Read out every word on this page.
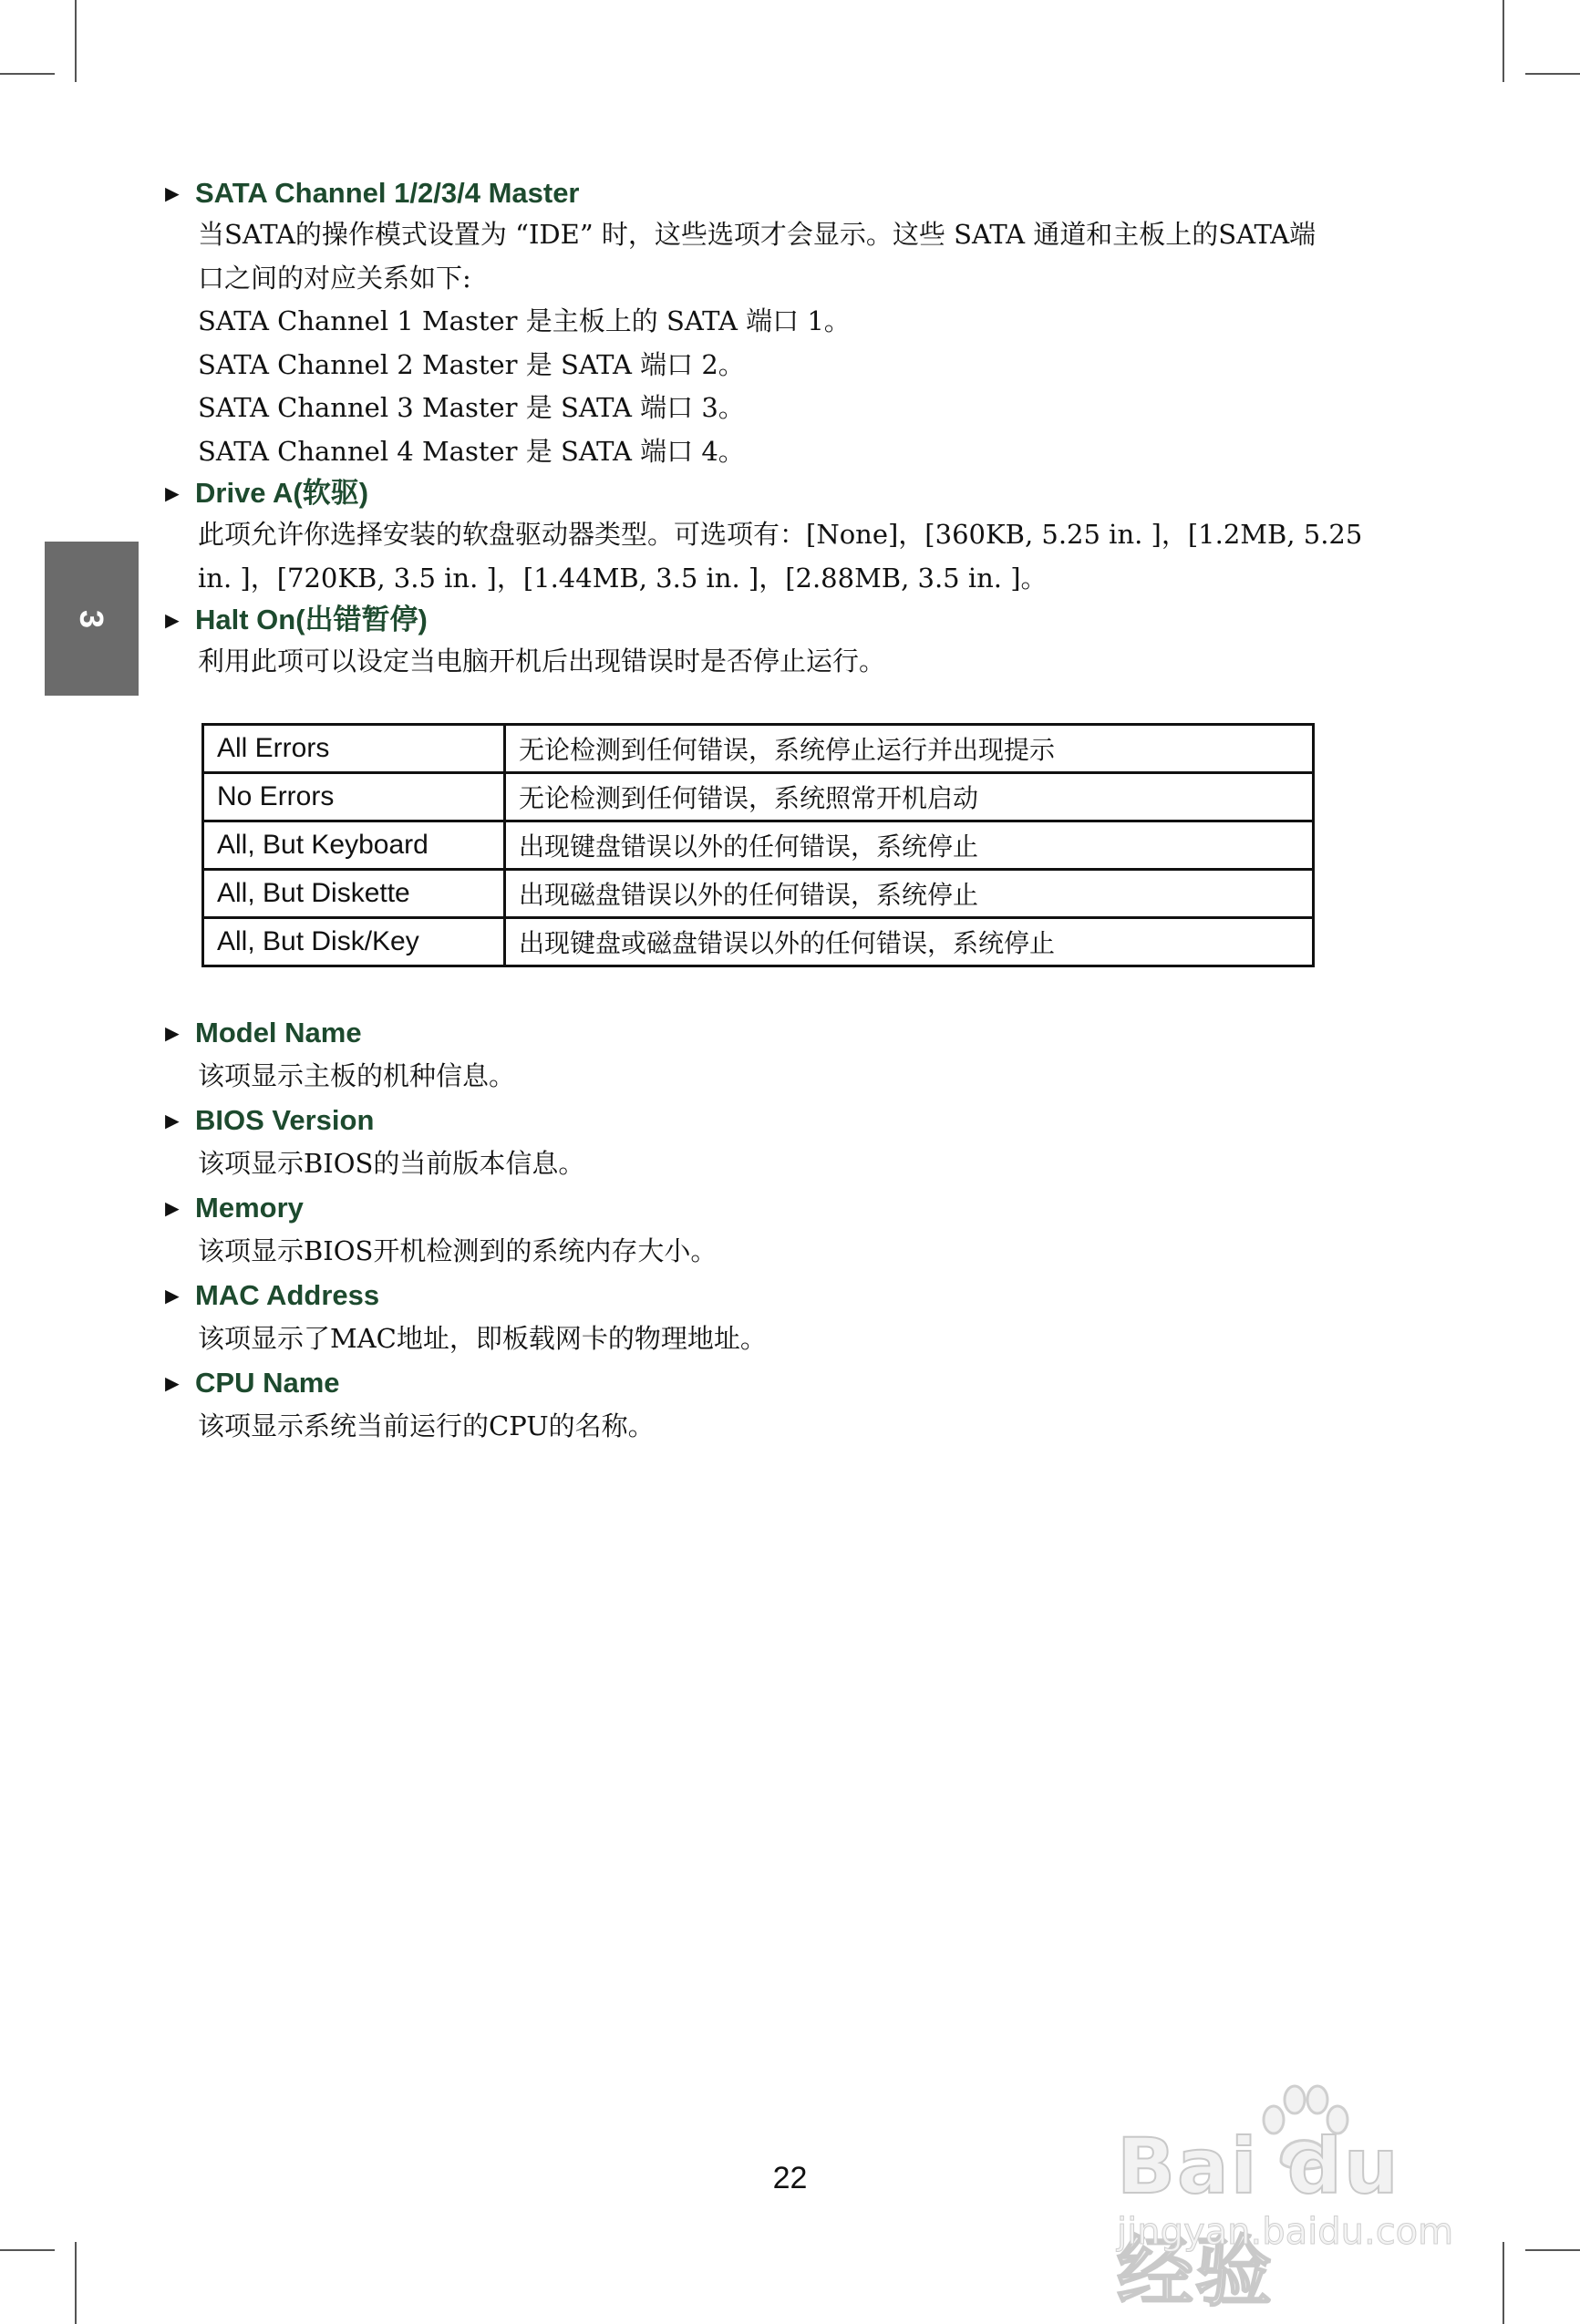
3
► SATA Channel 1/2/3/4 Master
当SATA的操作模式设置为 “IDE” 时，这些选项才会显示。这些 SATA 通道和主板上的SATA端
口之间的对应关系如下:
SATA Channel 1 Master 是主板上的 SATA 端口 1。
SATA Channel 2 Master 是 SATA 端口 2。
SATA Channel 3 Master 是 SATA 端口 3。
SATA Channel 4 Master 是 SATA 端口 4。
► Drive A(软驱)
此项允许你选择安装的软盘驱动器类型。可选项有：[None]，[360KB, 5.25 in. ]，[1.2MB, 5.25
in. ]，[720KB, 3.5 in. ]，[1.44MB, 3.5 in. ]，[2.88MB, 3.5 in. ]。
► Halt On(出错暂停)
利用此项可以设定当电脑开机后出现错误时是否停止运行。
All Errors	无论检测到任何错误，系统停止运行并出现提示
No Errors	无论检测到任何错误，系统照常开机启动
All, But Keyboard	出现键盘错误以外的任何错误，系统停止
All, But Diskette	出现磁盘错误以外的任何错误，系统停止
All, But Disk/Key	出现键盘或磁盘错误以外的任何错误，系统停止
► Model Name
该项显示主板的机种信息。
► BIOS Version
该项显示BIOS的当前版本信息。
► Memory
该项显示BIOS开机检测到的系统内存大小。
► MAC Address
该项显示了MAC地址，即板载网卡的物理地址。
► CPU Name
该项显示系统当前运行的CPU的名称。
22	Bai du 经验
jingyan.baidu.com
